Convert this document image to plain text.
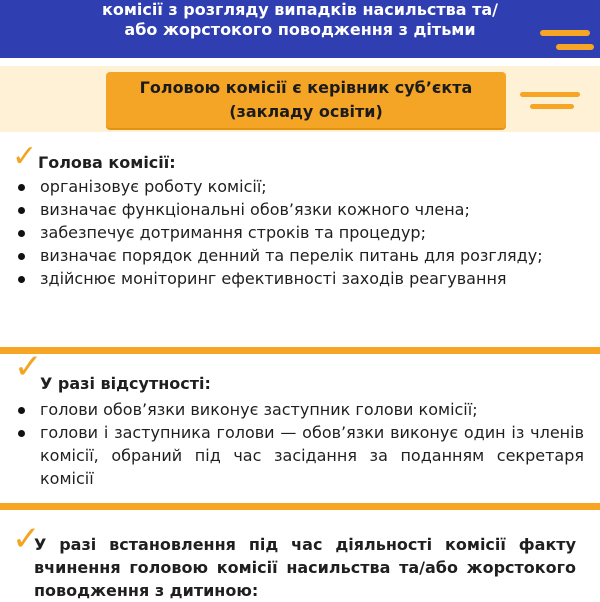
комісії з розгляду випадків насильства та/
або жорстокого поводження з дітьми
Головою комісії є керівник суб’єкта
(закладу освіти)
✓ Голова комісії:
організовує роботу комісії;
визначає функціональні обов’язки кожного члена;
забезпечує дотримання строків та процедур;
визначає порядок денний та перелік питань для розгляду;
здійснює моніторинг ефективності заходів реагування
✓
У разі відсутності:
голови обов’язки виконує заступник голови комісії;
голови і заступника голови — обов’язки виконує один із членів комісії, обраний під час засідання за поданням секретаря комісії
✓
У разі встановлення під час діяльності комісії факту вчинення головою комісії насильства та/або жорстокого поводження з дитиною:
